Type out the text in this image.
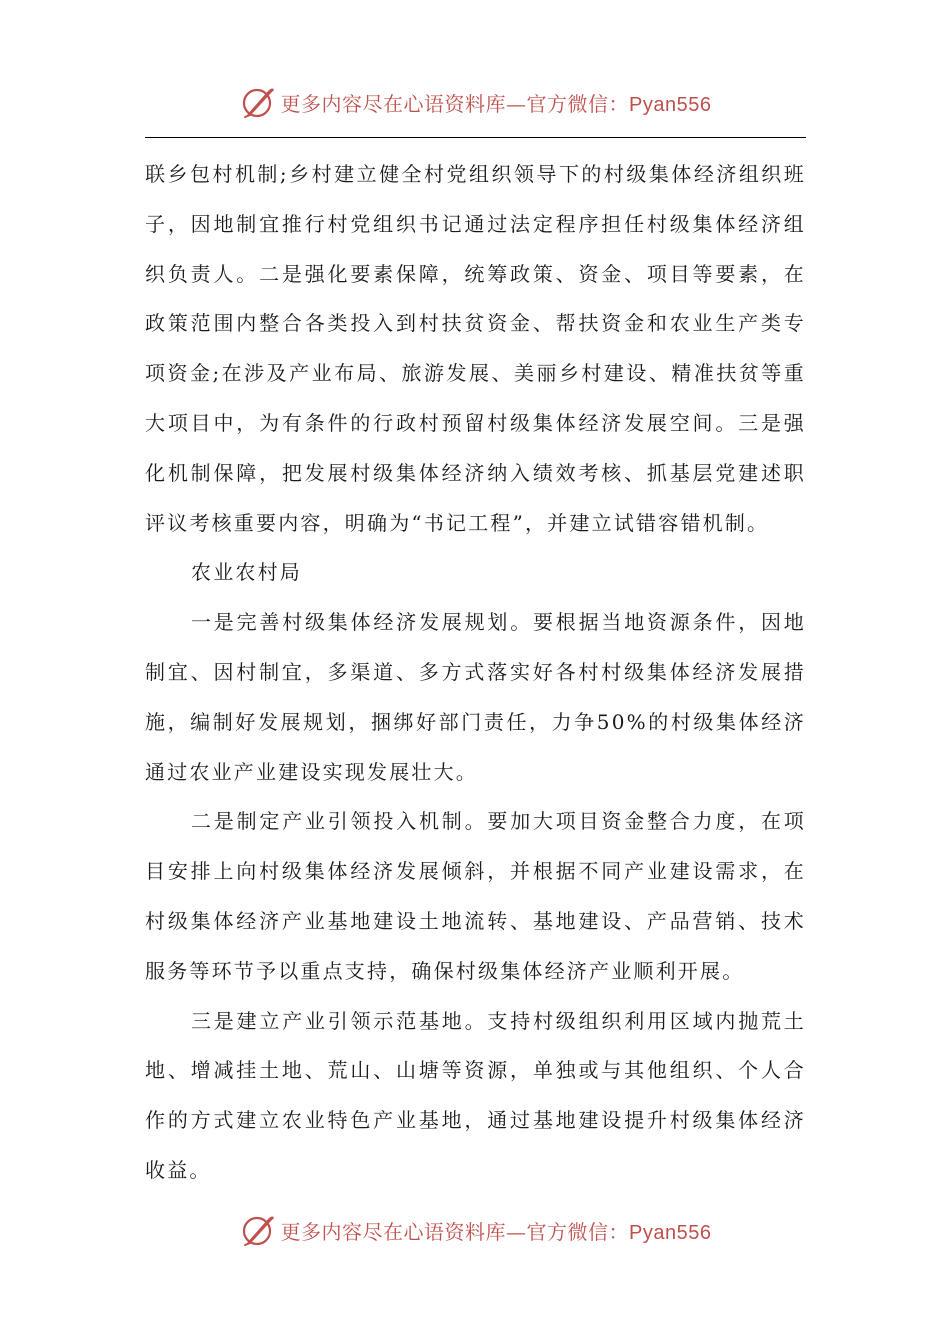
更多内容尽在心语资料库—官方微信：Pyan556

联乡包村机制;乡村建立健全村党组织领导下的村级集体经济组织班子，因地制宜推行村党组织书记通过法定程序担任村级集体经济组织负责人。二是强化要素保障，统筹政策、资金、项目等要素，在政策范围内整合各类投入到村扶贫资金、帮扶资金和农业生产类专项资金;在涉及产业布局、旅游发展、美丽乡村建设、精准扶贫等重大项目中，为有条件的行政村预留村级集体经济发展空间。三是强化机制保障，把发展村级集体经济纳入绩效考核、抓基层党建述职评议考核重要内容，明确为“书记工程”，并建立试错容错机制。

农业农村局

一是完善村级集体经济发展规划。要根据当地资源条件，因地制宜、因村制宜，多渠道、多方式落实好各村村级集体经济发展措施，编制好发展规划，捆绑好部门责任，力争50%的村级集体经济通过农业产业建设实现发展壮大。

二是制定产业引领投入机制。要加大项目资金整合力度，在项目安排上向村级集体经济发展倾斜，并根据不同产业建设需求，在村级集体经济产业基地建设土地流转、基地建设、产品营销、技术服务等环节予以重点支持，确保村级集体经济产业顺利开展。

三是建立产业引领示范基地。支持村级组织利用区域内抛荒土地、增减挂土地、荒山、山塘等资源，单独或与其他组织、个人合作的方式建立农业特色产业基地，通过基地建设提升村级集体经济收益。

更多内容尽在心语资料库—官方微信：Pyan556
